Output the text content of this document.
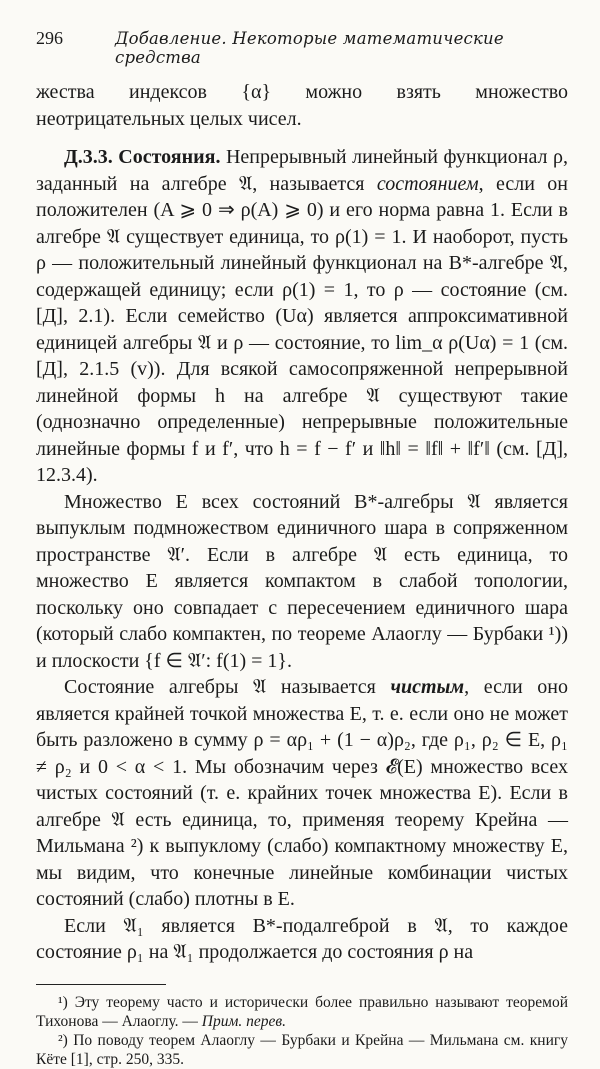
296	Добавление. Некоторые математические средства

жества индексов {α} можно взять множество неотрицательных целых чисел.

Д.3.3. Состояния. Непрерывный линейный функционал ρ, заданный на алгебре 𝔄, называется состоянием, если он положителен (A ⩾ 0 ⇒ ρ(A) ⩾ 0) и его норма равна 1. Если в алгебре 𝔄 существует единица, то ρ(1) = 1. И наоборот, пусть ρ — положительный линейный функционал на B*-алгебре 𝔄, содержащей единицу; если ρ(1) = 1, то ρ — состояние (см. [Д], 2.1). Если семейство (Uα) является аппроксимативной единицей алгебры 𝔄 и ρ — состояние, то lim_α ρ(Uα) = 1 (см. [Д], 2.1.5 (v)). Для всякой самосопряженной непрерывной линейной формы h на алгебре 𝔄 существуют такие (однозначно определенные) непрерывные положительные линейные формы f и f′, что h = f − f′ и ‖h‖ = ‖f‖ + ‖f′‖ (см. [Д], 12.3.4).

Множество E всех состояний B*-алгебры 𝔄 является выпуклым подмножеством единичного шара в сопряженном пространстве 𝔄′. Если в алгебре 𝔄 есть единица, то множество E является компактом в слабой топологии, поскольку оно совпадает с пересечением единичного шара (который слабо компактен, по теореме Алаоглу — Бурбаки ¹)) и плоскости {f ∈ 𝔄′: f(1) = 1}.

Состояние алгебры 𝔄 называется чистым, если оно является крайней точкой множества E, т. е. если оно не может быть разложено в сумму ρ = αρ₁ + (1 − α)ρ₂, где ρ₁, ρ₂ ∈ E, ρ₁ ≠ ρ₂ и 0 < α < 1. Мы обозначим через 𝓔(E) множество всех чистых состояний (т. е. крайних точек множества E). Если в алгебре 𝔄 есть единица, то, применяя теорему Крейна — Мильмана ²) к выпуклому (слабо) компактному множеству E, мы видим, что конечные линейные комбинации чистых состояний (слабо) плотны в E.

Если 𝔄₁ является B*-подалгеброй в 𝔄, то каждое состояние ρ₁ на 𝔄₁ продолжается до состояния ρ на

¹) Эту теорему часто и исторически более правильно называют теоремой Тихонова — Алаоглу. — Прим. перев.

²) По поводу теорем Алаоглу — Бурбаки и Крейна — Мильмана см. книгу Кёте [1], стр. 250, 335.
